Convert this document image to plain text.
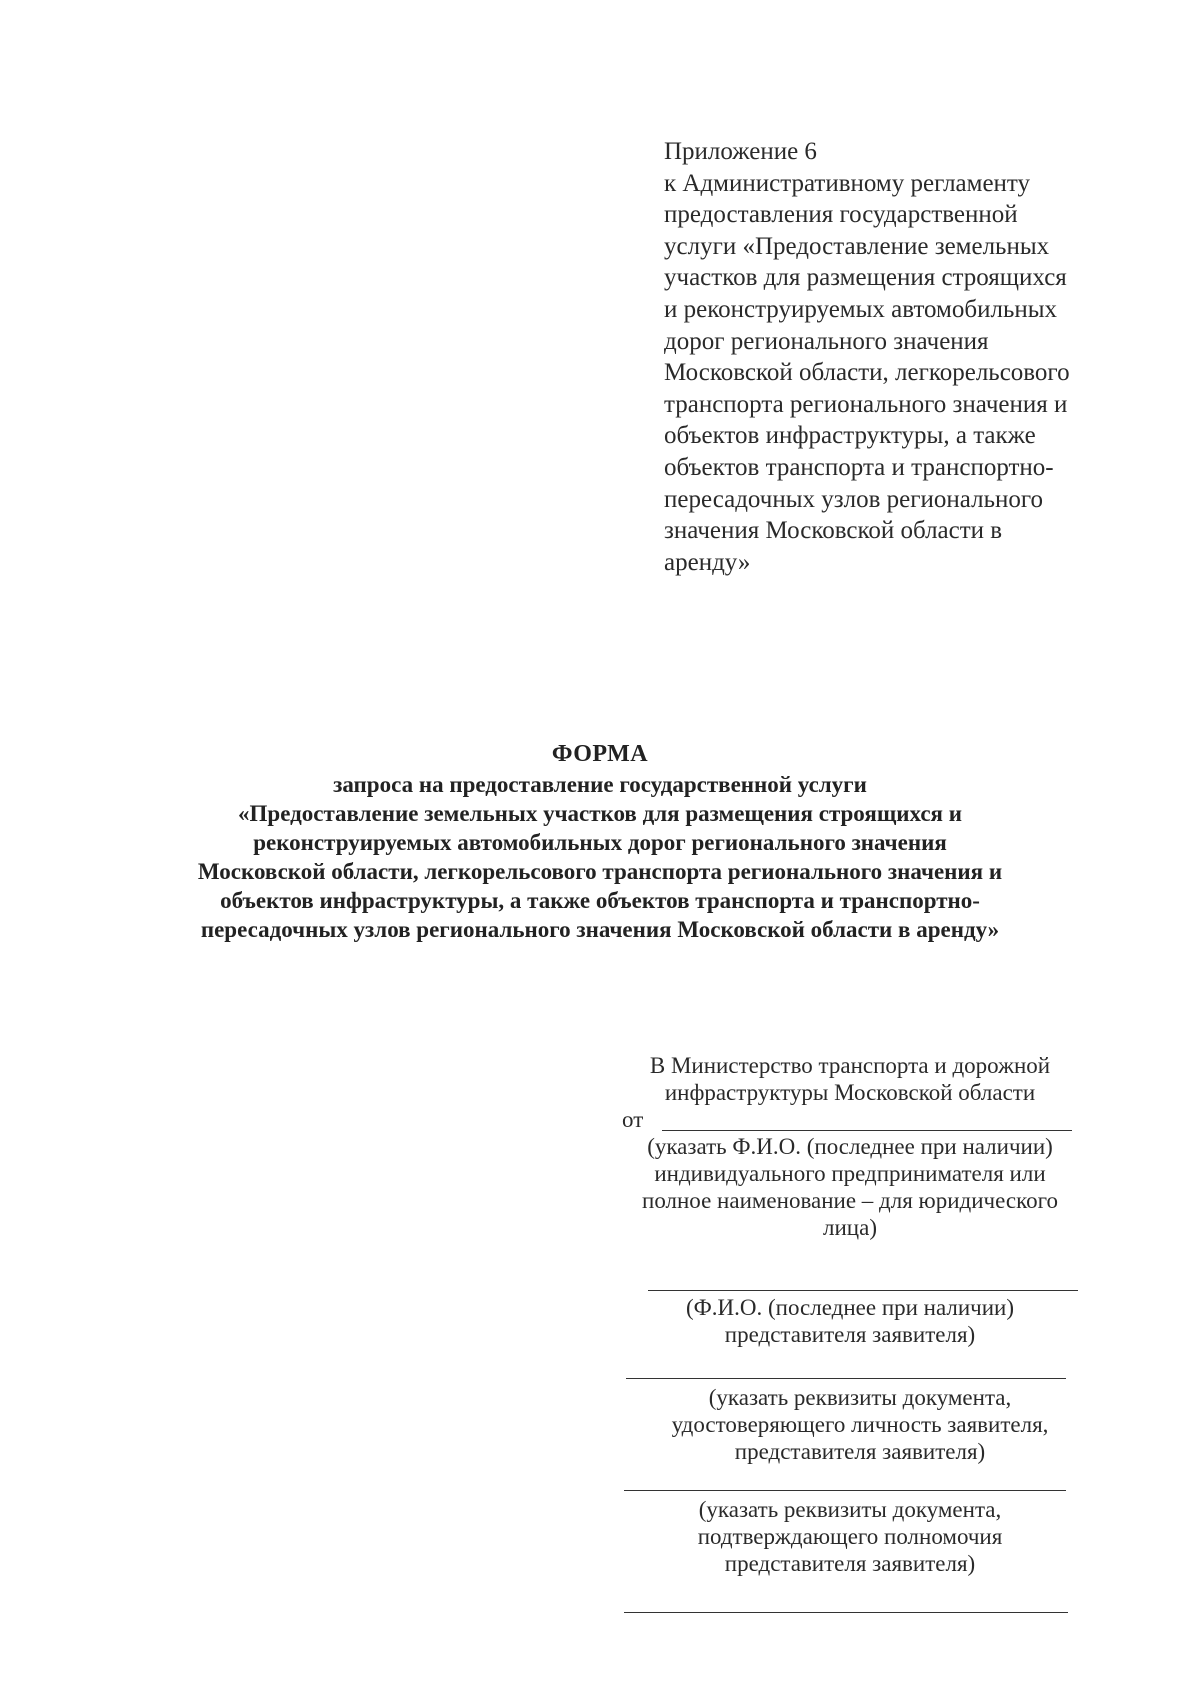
Приложение 6
к Административному регламенту
предоставления государственной
услуги «Предоставление земельных
участков для размещения строящихся
и реконструируемых автомобильных
дорог регионального значения
Московской области, легкорельсового
транспорта регионального значения и
объектов инфраструктуры, а также
объектов транспорта и транспортно-
пересадочных узлов регионального
значения Московской области в
аренду»
ФОРМА
запроса на предоставление государственной услуги
«Предоставление земельных участков для размещения строящихся и
реконструируемых автомобильных дорог регионального значения
Московской области, легкорельсового транспорта регионального значения и
объектов инфраструктуры, а также объектов транспорта и транспортно-
пересадочных узлов регионального значения Московской области в аренду»
В Министерство транспорта и дорожной
инфраструктуры Московской области
от
(указать Ф.И.О. (последнее при наличии)
индивидуального предпринимателя или
полное наименование – для юридического
лица)
(Ф.И.О. (последнее при наличии)
представителя заявителя)
(указать реквизиты документа,
удостоверяющего личность заявителя,
представителя заявителя)
(указать реквизиты документа,
подтверждающего полномочия
представителя заявителя)
